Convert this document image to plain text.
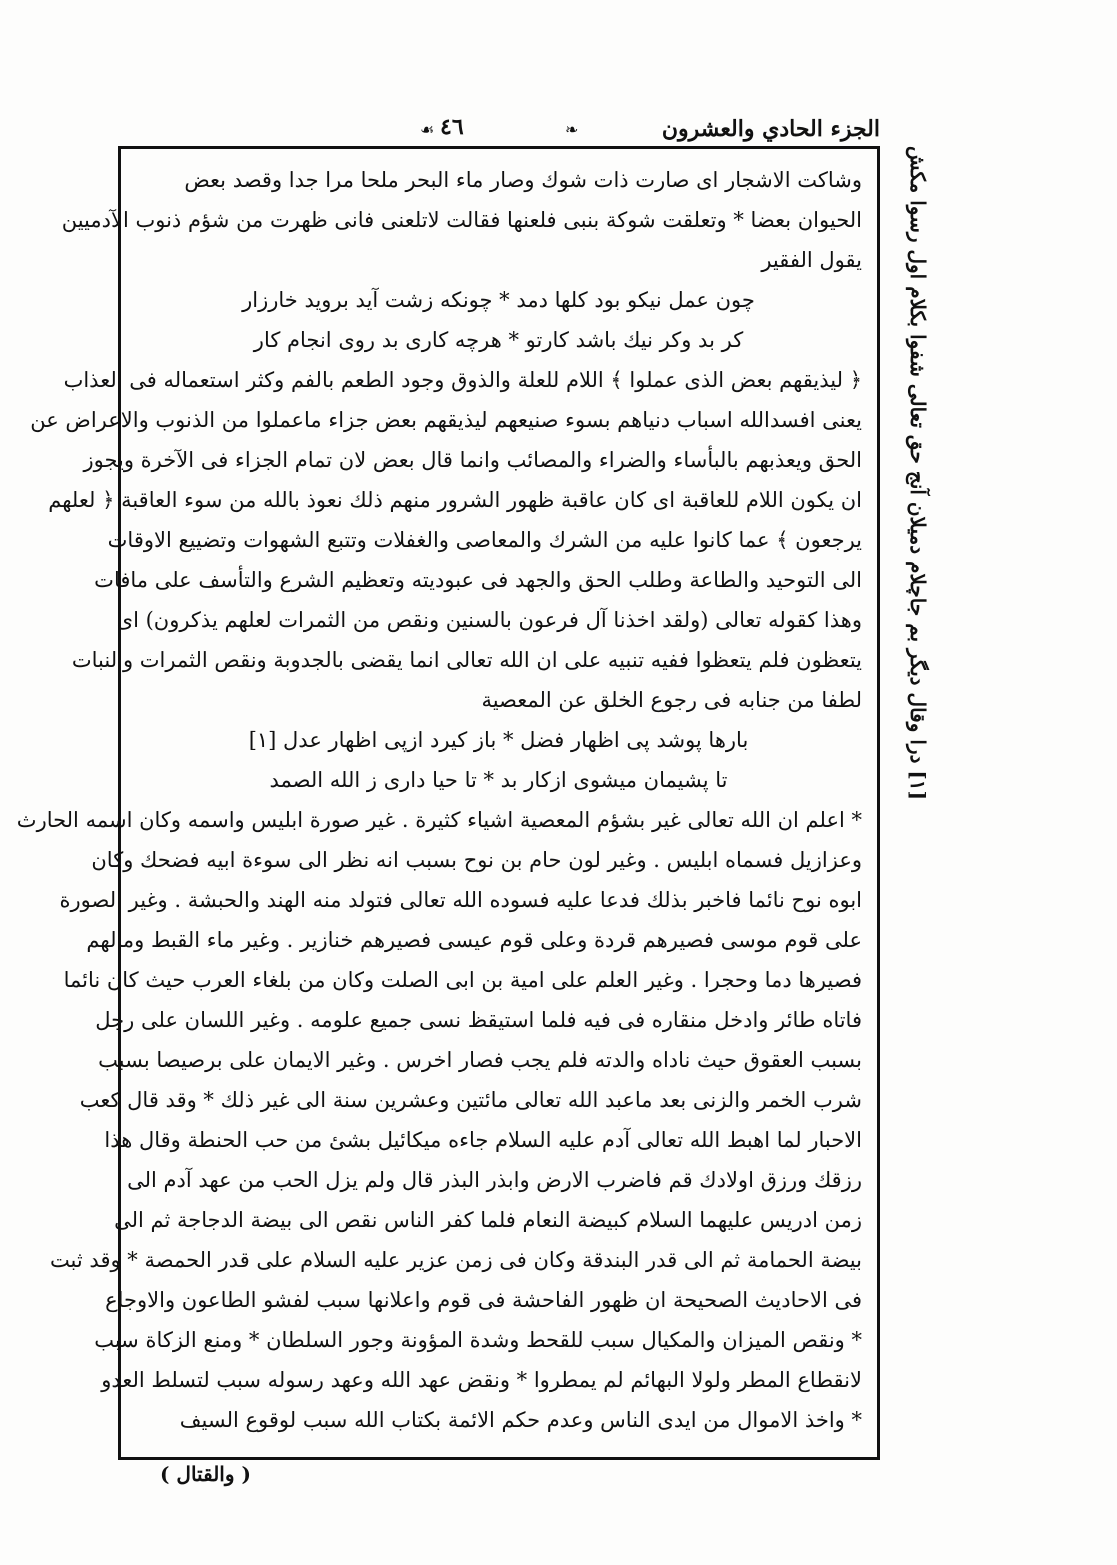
الجزء الحادي والعشرون
❧
٤٦
☙
وشاكت الاشجار اى صارت ذات شوك وصار ماء البحر ملحا مرا جدا وقصد بعض
الحيوان بعضا * وتعلقت شوكة بنبى فلعنها فقالت لاتلعنى فانى ظهرت من شؤم ذنوب الآدميين
يقول الفقير
چون عمل نيكو بود كلها دمد * چونكه زشت آيد برويد خارزار
كر بد وكر نيك باشد كارتو * هرچه كارى بد روى انجام كار
﴿ ليذيقهم بعض الذى عملوا ﴾ اللام للعلة والذوق وجود الطعم بالفم وكثر استعماله فى العذاب
يعنى افسدالله اسباب دنياهم بسوء صنيعهم ليذيقهم بعض جزاء ماعملوا من الذنوب والاعراض عن
الحق ويعذبهم بالبأساء والضراء والمصائب وانما قال بعض لان تمام الجزاء فى الآخرة ويجوز
ان يكون اللام للعاقبة اى كان عاقبة ظهور الشرور منهم ذلك نعوذ بالله من سوء العاقبة ﴿ لعلهم
يرجعون ﴾ عما كانوا عليه من الشرك والمعاصى والغفلات وتتبع الشهوات وتضييع الاوقات
الى التوحيد والطاعة وطلب الحق والجهد فى عبوديته وتعظيم الشرع والتأسف على مافات
وهذا كقوله تعالى (ولقد اخذنا آل فرعون بالسنين ونقص من الثمرات لعلهم يذكرون) اى
يتعظون فلم يتعظوا ففيه تنبيه على ان الله تعالى انما يقضى بالجدوبة ونقص الثمرات والنبات
لطفا من جنابه فى رجوع الخلق عن المعصية
بارها پوشد پى اظهار فضل * باز كيرد ازپى اظهار عدل [١]
تا پشيمان ميشوى ازكار بد * تا حيا دارى ز الله الصمد
* اعلم ان الله تعالى غير بشؤم المعصية اشياء كثيرة . غير صورة ابليس واسمه وكان اسمه الحارث
وعزازيل فسماه ابليس . وغير لون حام بن نوح بسبب انه نظر الى سوءة ابيه فضحك وكان
ابوه نوح نائما فاخبر بذلك فدعا عليه فسوده الله تعالى فتولد منه الهند والحبشة . وغير الصورة
على قوم موسى فصيرهم قردة وعلى قوم عيسى فصيرهم خنازير . وغير ماء القبط ومالهم
فصيرها دما وحجرا . وغير العلم على امية بن ابى الصلت وكان من بلغاء العرب حيث كان نائما
فاتاه طائر وادخل منقاره فى فيه فلما استيقظ نسى جميع علومه . وغير اللسان على رجل
بسبب العقوق حيث ناداه والدته فلم يجب فصار اخرس . وغير الايمان على برصيصا بسبب
شرب الخمر والزنى بعد ماعبد الله تعالى مائتين وعشرين سنة الى غير ذلك * وقد قال كعب
الاحبار لما اهبط الله تعالى آدم عليه السلام جاءه ميكائيل بشئ من حب الحنطة وقال هذا
رزقك ورزق اولادك قم فاضرب الارض وابذر البذر قال ولم يزل الحب من عهد آدم الى
زمن ادريس عليهما السلام كبيضة النعام فلما كفر الناس نقص الى بيضة الدجاجة ثم الى
بيضة الحمامة ثم الى قدر البندقة وكان فى زمن عزير عليه السلام على قدر الحمصة * وقد ثبت
فى الاحاديث الصحيحة ان ظهور الفاحشة فى قوم واعلانها سبب لفشو الطاعون والاوجاع
* ونقص الميزان والمكيال سبب للقحط وشدة المؤونة وجور السلطان * ومنع الزكاة سبب
لانقطاع المطر ولولا البهائم لم يمطروا * ونقض عهد الله وعهد رسوله سبب لتسلط العدو
* واخذ الاموال من ايدى الناس وعدم حكم الائمة بكتاب الله سبب لوقوع السيف
[١] درا وقال دیگر بم جاچلام دمیلان آنج حق تعالی شفوا بکلام اول رسوا مکش
( والقتال )
